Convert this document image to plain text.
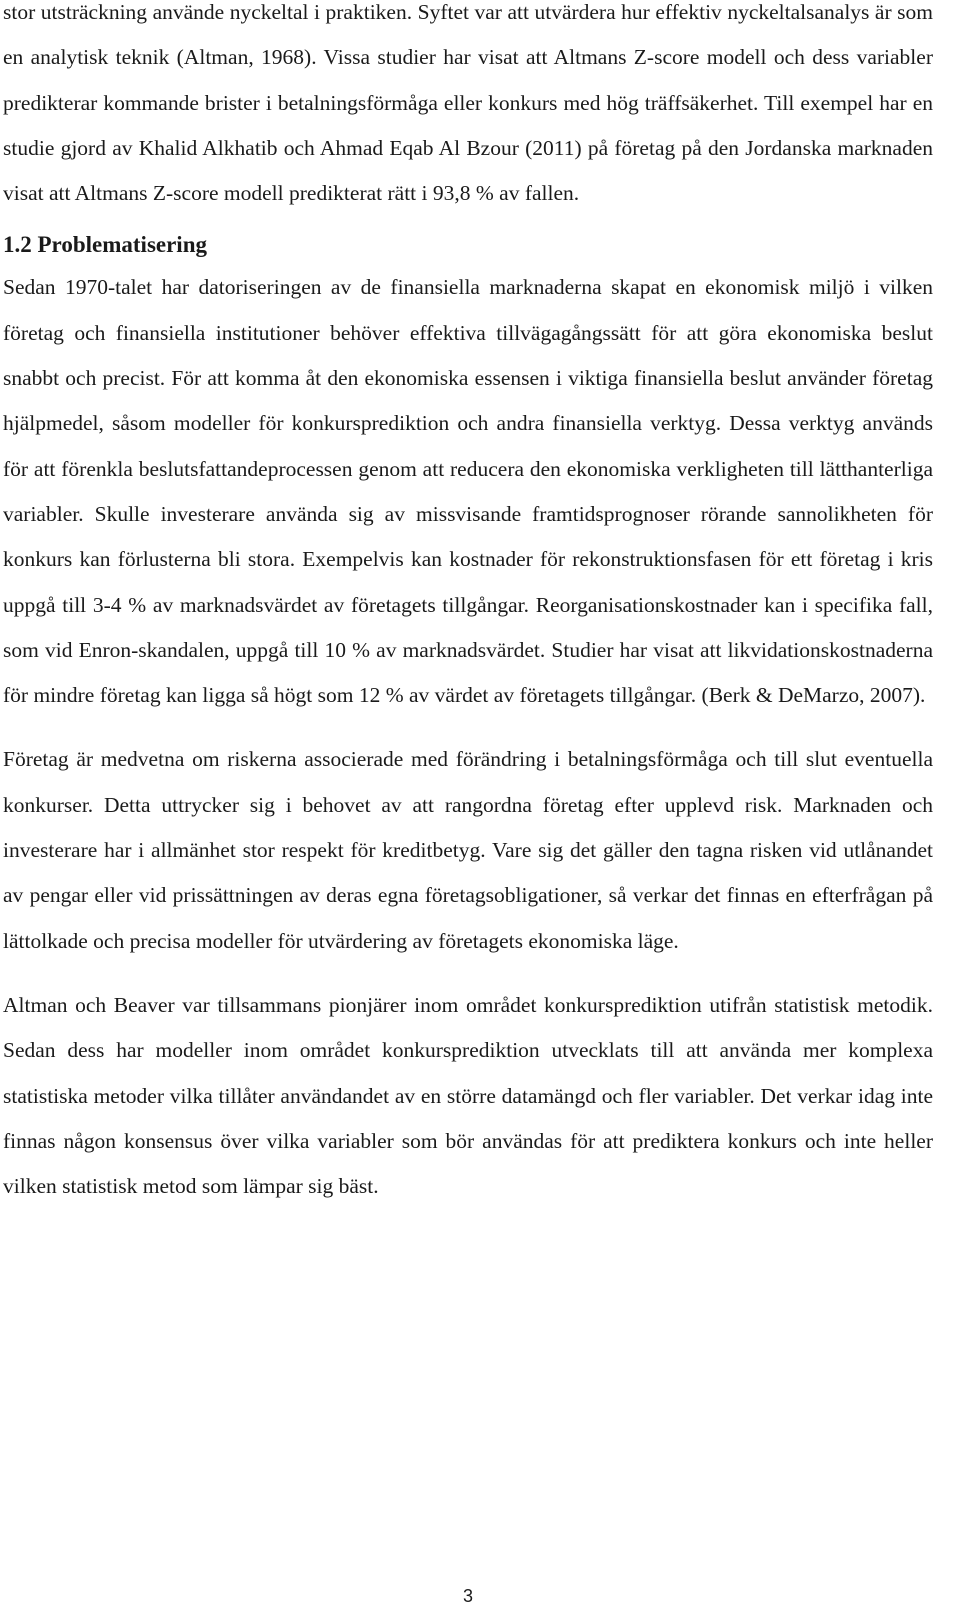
stor utsträckning använde nyckeltal i praktiken. Syftet var att utvärdera hur effektiv nyckeltalsanalys är som en analytisk teknik (Altman, 1968). Vissa studier har visat att Altmans Z-score modell och dess variabler predikterar kommande brister i betalningsförmåga eller konkurs med hög träffsäkerhet. Till exempel har en studie gjord av Khalid Alkhatib och Ahmad Eqab Al Bzour (2011) på företag på den Jordanska marknaden visat att Altmans Z-score modell predikterat rätt i 93,8 % av fallen.

1.2 Problematisering

Sedan 1970-talet har datoriseringen av de finansiella marknaderna skapat en ekonomisk miljö i vilken företag och finansiella institutioner behöver effektiva tillvägagångssätt för att göra ekonomiska beslut snabbt och precist. För att komma åt den ekonomiska essensen i viktiga finansiella beslut använder företag hjälpmedel, såsom modeller för konkursprediktion och andra finansiella verktyg. Dessa verktyg används för att förenkla beslutsfattandeprocessen genom att reducera den ekonomiska verkligheten till lätthanterliga variabler. Skulle investerare använda sig av missvisande framtidsprognoser rörande sannolikheten för konkurs kan förlusterna bli stora. Exempelvis kan kostnader för rekonstruktionsfasen för ett företag i kris uppgå till 3-4 % av marknadsvärdet av företagets tillgångar. Reorganisationskostnader kan i specifika fall, som vid Enron-skandalen, uppgå till 10 % av marknadsvärdet. Studier har visat att likvidationskostnaderna för mindre företag kan ligga så högt som 12 % av värdet av företagets tillgångar. (Berk & DeMarzo, 2007).

Företag är medvetna om riskerna associerade med förändring i betalningsförmåga och till slut eventuella konkurser. Detta uttrycker sig i behovet av att rangordna företag efter upplevd risk. Marknaden och investerare har i allmänhet stor respekt för kreditbetyg. Vare sig det gäller den tagna risken vid utlånandet av pengar eller vid prissättningen av deras egna företagsobligationer, så verkar det finnas en efterfrågan på lättolkade och precisa modeller för utvärdering av företagets ekonomiska läge.

Altman och Beaver var tillsammans pionjärer inom området konkursprediktion utifrån statistisk metodik. Sedan dess har modeller inom området konkursprediktion utvecklats till att använda mer komplexa statistiska metoder vilka tillåter användandet av en större datamängd och fler variabler. Det verkar idag inte finnas någon konsensus över vilka variabler som bör användas för att prediktera konkurs och inte heller vilken statistisk metod som lämpar sig bäst.

3
